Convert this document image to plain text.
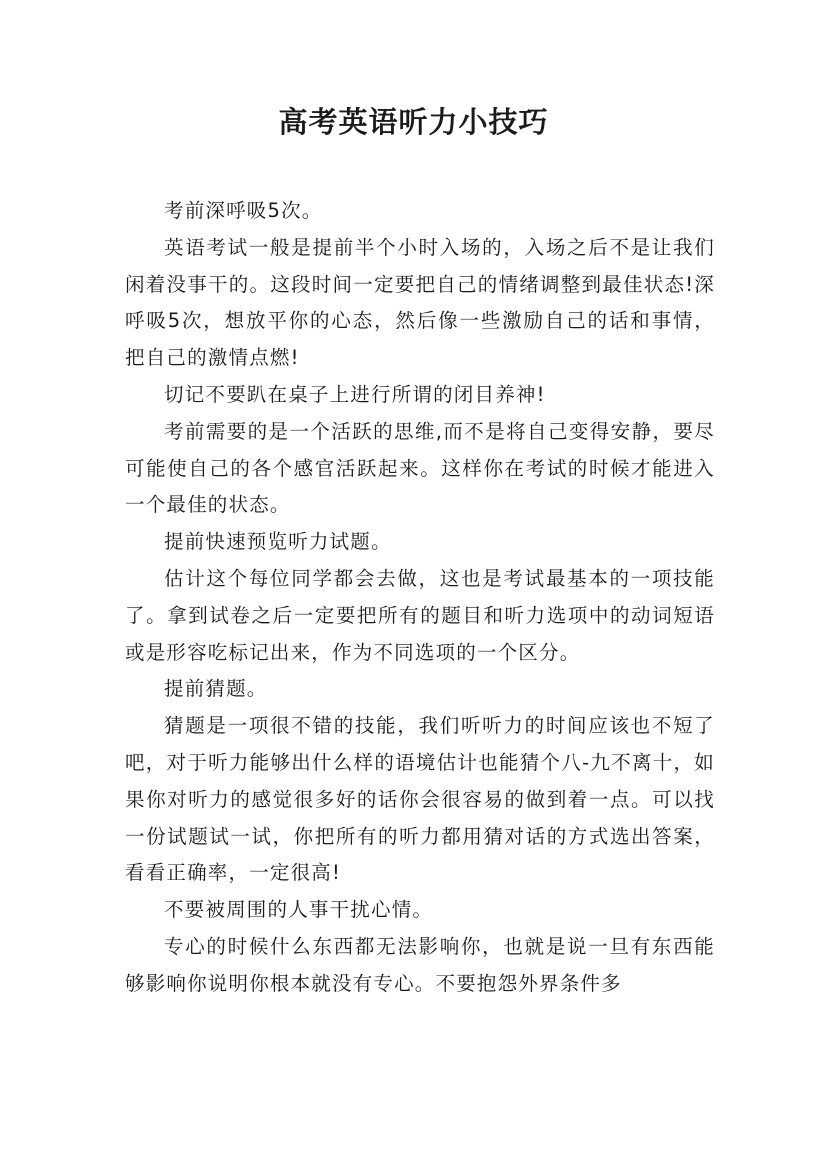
高考英语听力小技巧

考前深呼吸5次。

英语考试一般是提前半个小时入场的，入场之后不是让我们闲着没事干的。这段时间一定要把自己的情绪调整到最佳状态!深呼吸5次，想放平你的心态，然后像一些激励自己的话和事情，把自己的激情点燃!

切记不要趴在桌子上进行所谓的闭目养神!

考前需要的是一个活跃的思维,而不是将自己变得安静，要尽可能使自己的各个感官活跃起来。这样你在考试的时候才能进入一个最佳的状态。

提前快速预览听力试题。

估计这个每位同学都会去做，这也是考试最基本的一项技能了。拿到试卷之后一定要把所有的题目和听力选项中的动词短语或是形容吃标记出来，作为不同选项的一个区分。

提前猜题。

猜题是一项很不错的技能，我们听听力的时间应该也不短了吧，对于听力能够出什么样的语境估计也能猜个八-九不离十，如果你对听力的感觉很多好的话你会很容易的做到着一点。可以找一份试题试一试，你把所有的听力都用猜对话的方式选出答案，看看正确率，一定很高!

不要被周围的人事干扰心情。

专心的时候什么东西都无法影响你，也就是说一旦有东西能够影响你说明你根本就没有专心。不要抱怨外界条件多
